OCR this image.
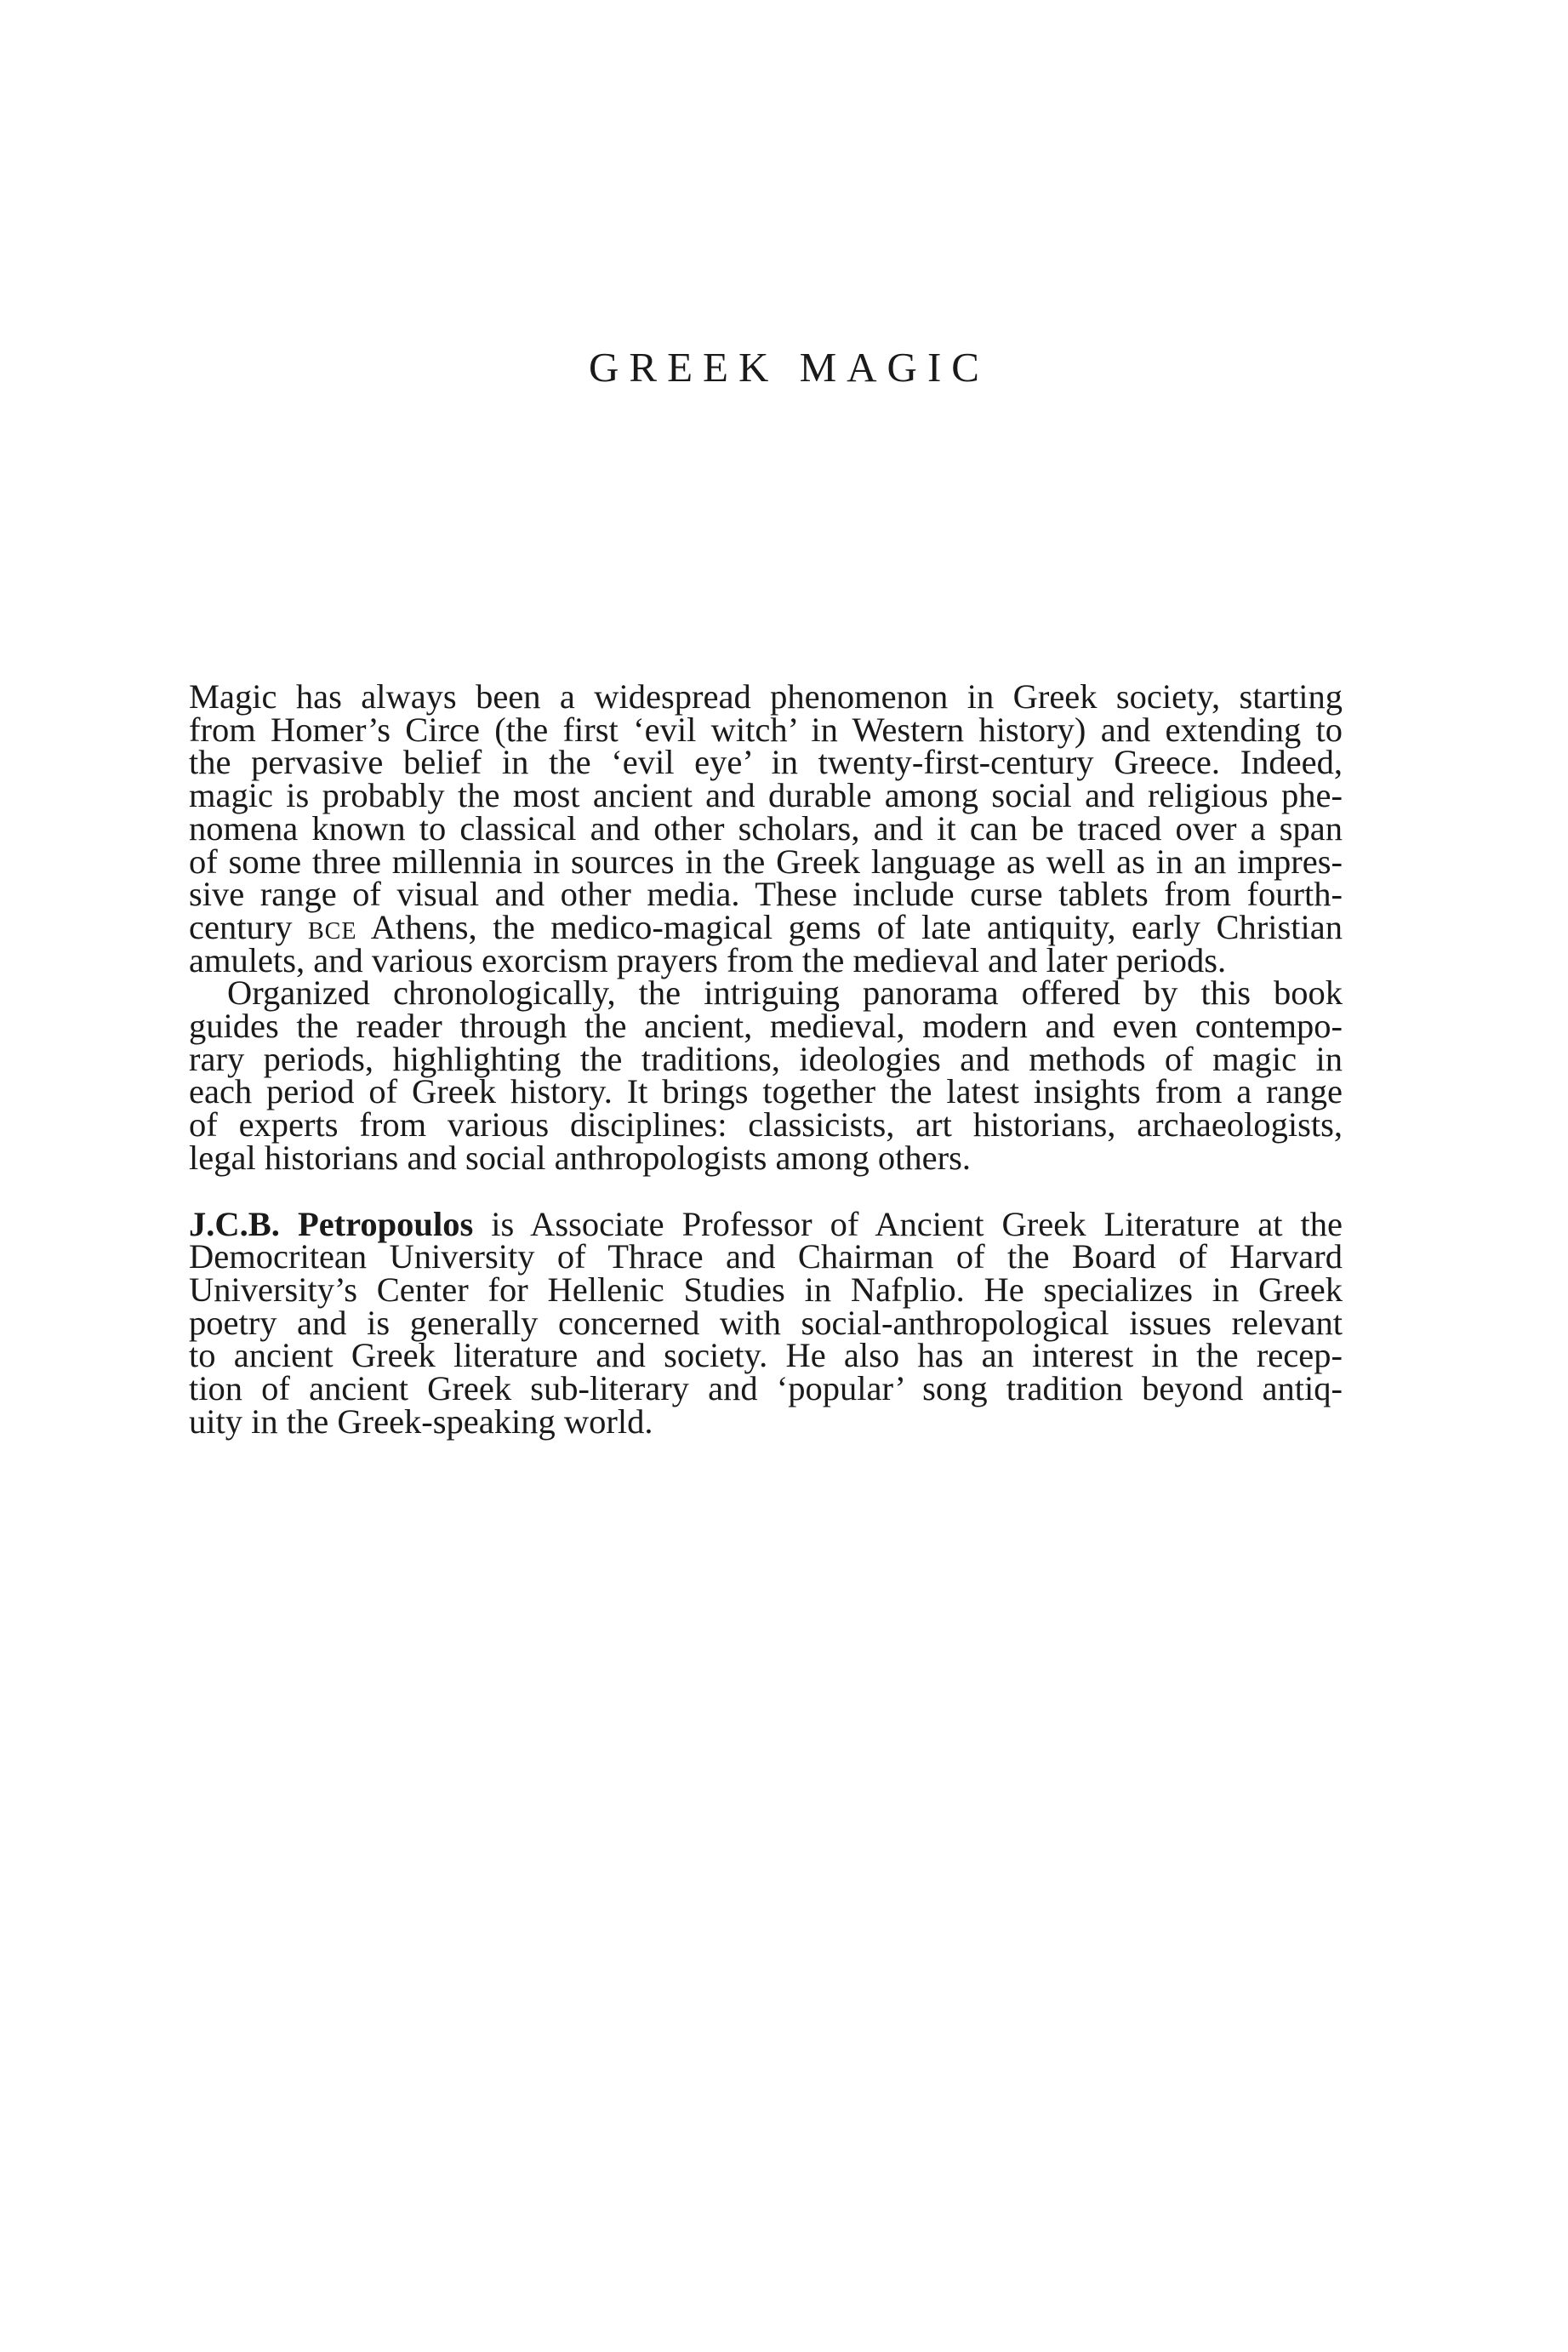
GREEK MAGIC
Magic has always been a widespread phenomenon in Greek society, starting
from Homer’s Circe (the first ‘evil witch’ in Western history) and extending to
the pervasive belief in the ‘evil eye’ in twenty-first-century Greece. Indeed,
magic is probably the most ancient and durable among social and religious phe-
nomena known to classical and other scholars, and it can be traced over a span
of some three millennia in sources in the Greek language as well as in an impres-
sive range of visual and other media. These include curse tablets from fourth-
century bce Athens, the medico-magical gems of late antiquity, early Christian
amulets, and various exorcism prayers from the medieval and later periods.
Organized chronologically, the intriguing panorama offered by this book
guides the reader through the ancient, medieval, modern and even contempo-
rary periods, highlighting the traditions, ideologies and methods of magic in
each period of Greek history. It brings together the latest insights from a range
of experts from various disciplines: classicists, art historians, archaeologists,
legal historians and social anthropologists among others.
J.C.B. Petropoulos is Associate Professor of Ancient Greek Literature at the
Democritean University of Thrace and Chairman of the Board of Harvard
University’s Center for Hellenic Studies in Nafplio. He specializes in Greek
poetry and is generally concerned with social-anthropological issues relevant
to ancient Greek literature and society. He also has an interest in the recep-
tion of ancient Greek sub-literary and ‘popular’ song tradition beyond antiq-
uity in the Greek-speaking world.
